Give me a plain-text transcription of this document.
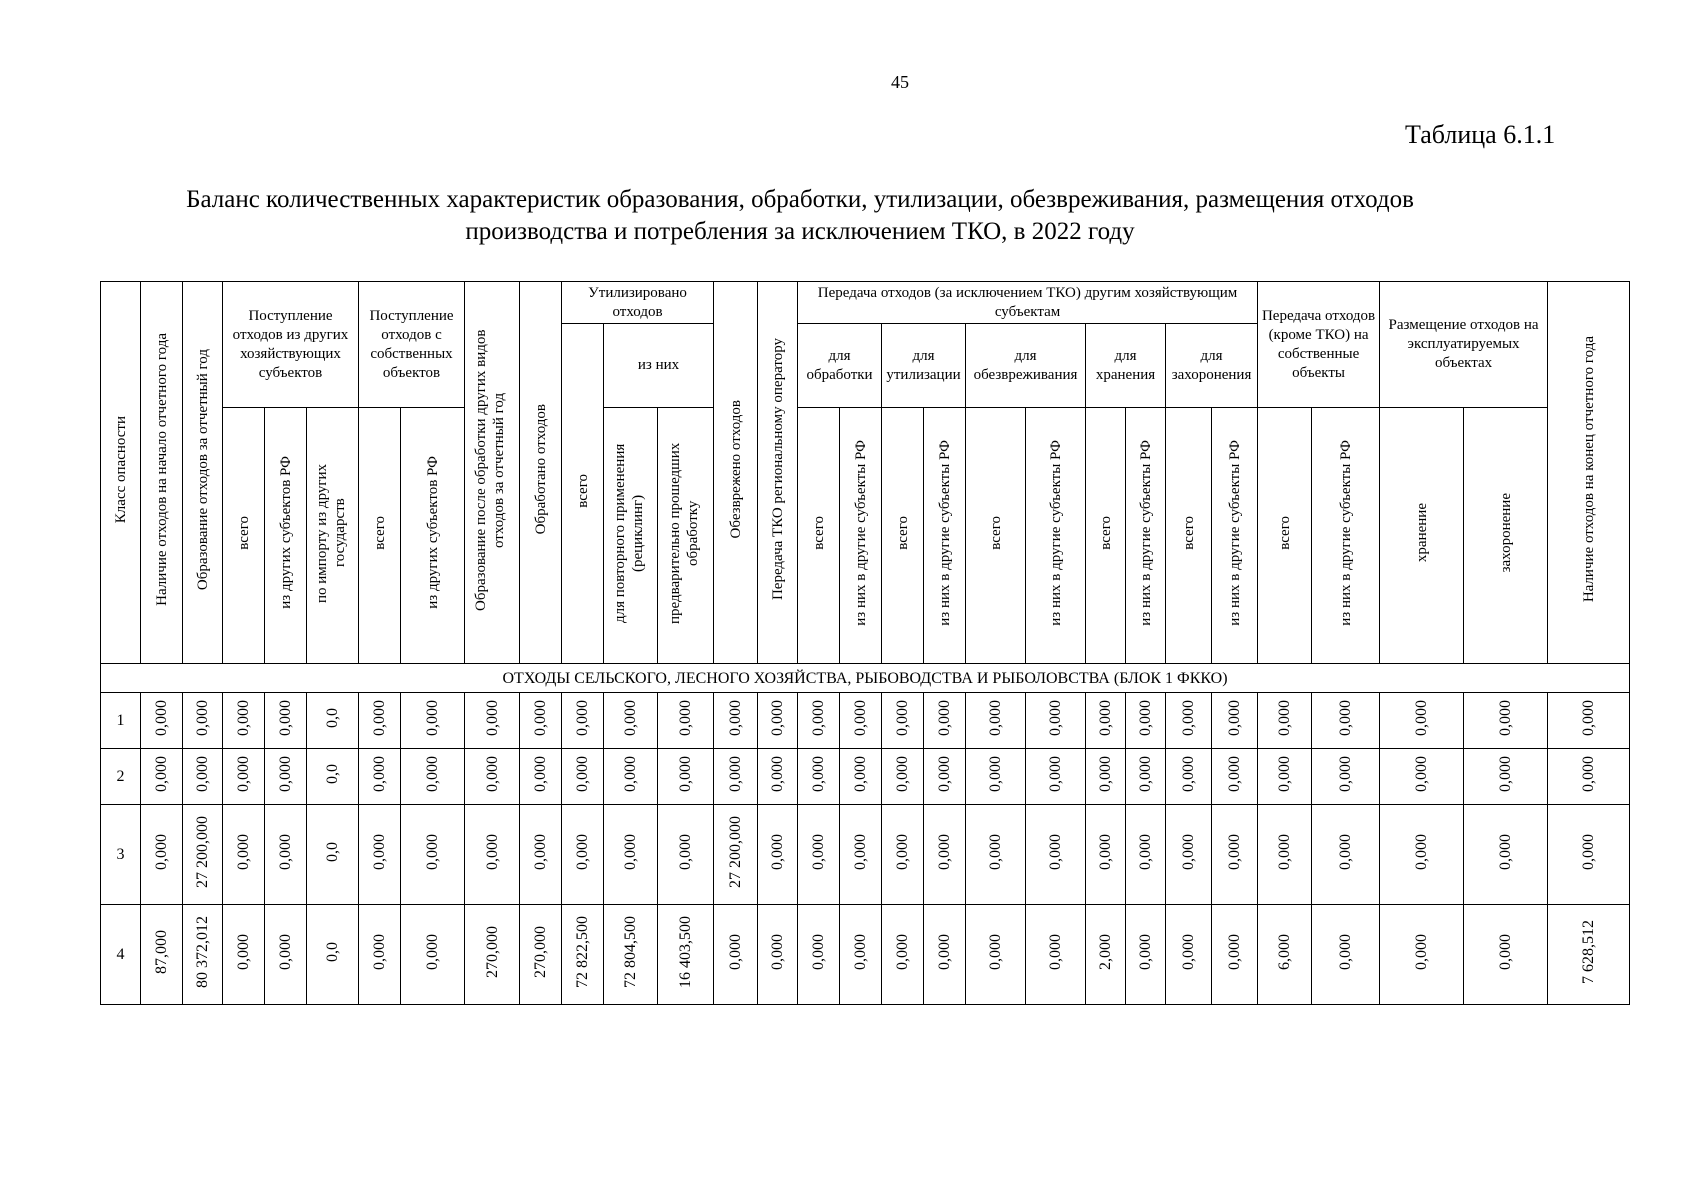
45
Таблица 6.1.1
Баланс количественных характеристик образования, обработки, утилизации, обезвреживания, размещения отходов
производства и потребления за исключением ТКО, в 2022 году
Класс опасности	Наличие отходов на начало отчетного года	Образование отходов за отчетный год	Поступление отходов из других хозяйствующих субъектов			Поступление отходов с собственных объектов		Образование после обработки других видов отходов за отчетный год	Обработано отходов	Утилизировано отходов			Обезврежено отходов	Передача ТКО региональному оператору	Передача отходов (за исключением ТКО) другим хозяйствующим субъектам										Передача отходов (кроме ТКО) на собственные объекты		Размещение отходов на эксплуатируемых объектах		Наличие отходов на конец отчетного года
										всего	из них				для обработки		для утилизации		для обезвреживания		для хранения		для захоронения						
			всего	из других субъектов РФ	по импорту из других государств	всего	из других субъектов РФ				для повторного применения (рециклинг)	предварительно прошедших обработку			всего	из них в другие субъекты РФ	всего	из них в другие субъекты РФ	всего	из них в другие субъекты РФ	всего	из них в другие субъекты РФ	всего	из них в другие субъекты РФ	всего	из них в другие субъекты РФ	хранение	захоронение	
ОТХОДЫ СЕЛЬСКОГО, ЛЕСНОГО ХОЗЯЙСТВА, РЫБОВОДСТВА И РЫБОЛОВСТВА (БЛОК 1 ФККО)																													
1	0,000	0,000	0,000	0,000	0,0	0,000	0,000	0,000	0,000	0,000	0,000	0,000	0,000	0,000	0,000	0,000	0,000	0,000	0,000	0,000	0,000	0,000	0,000	0,000	0,000	0,000	0,000	0,000	0,000
2	0,000	0,000	0,000	0,000	0,0	0,000	0,000	0,000	0,000	0,000	0,000	0,000	0,000	0,000	0,000	0,000	0,000	0,000	0,000	0,000	0,000	0,000	0,000	0,000	0,000	0,000	0,000	0,000	0,000
3	0,000	27 200,000	0,000	0,000	0,0	0,000	0,000	0,000	0,000	0,000	0,000	0,000	27 200,000	0,000	0,000	0,000	0,000	0,000	0,000	0,000	0,000	0,000	0,000	0,000	0,000	0,000	0,000	0,000	0,000
4	87,000	80 372,012	0,000	0,000	0,0	0,000	0,000	270,000	270,000	72 822,500	72 804,500	16 403,500	0,000	0,000	0,000	0,000	0,000	0,000	0,000	0,000	2,000	0,000	0,000	0,000	6,000	0,000	0,000	0,000	7 628,512
